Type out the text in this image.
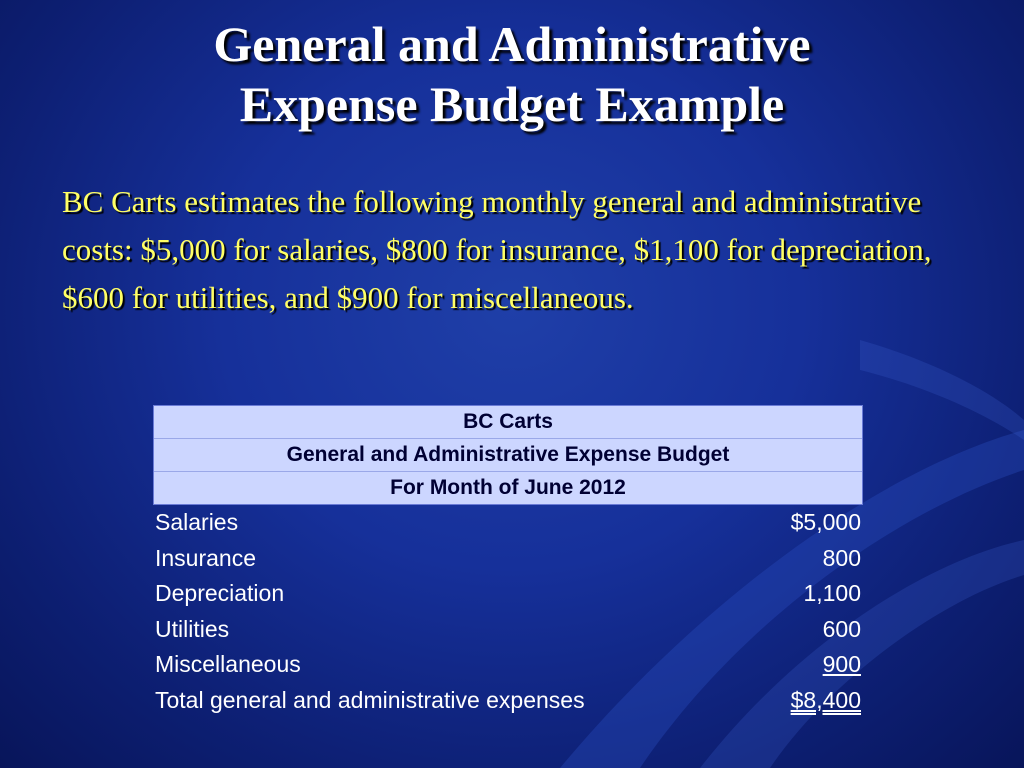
General and Administrative
Expense Budget Example
BC Carts estimates the following monthly general and administrative costs: $5,000 for salaries, $800 for insurance, $1,100 for depreciation, $600 for utilities, and $900 for miscellaneous.
BC Carts
General and Administrative Expense Budget
For Month of June 2012
Salaries	$5,000
Insurance	800
Depreciation	1,100
Utilities	600
Miscellaneous	900
Total general and administrative expenses	$8,400
